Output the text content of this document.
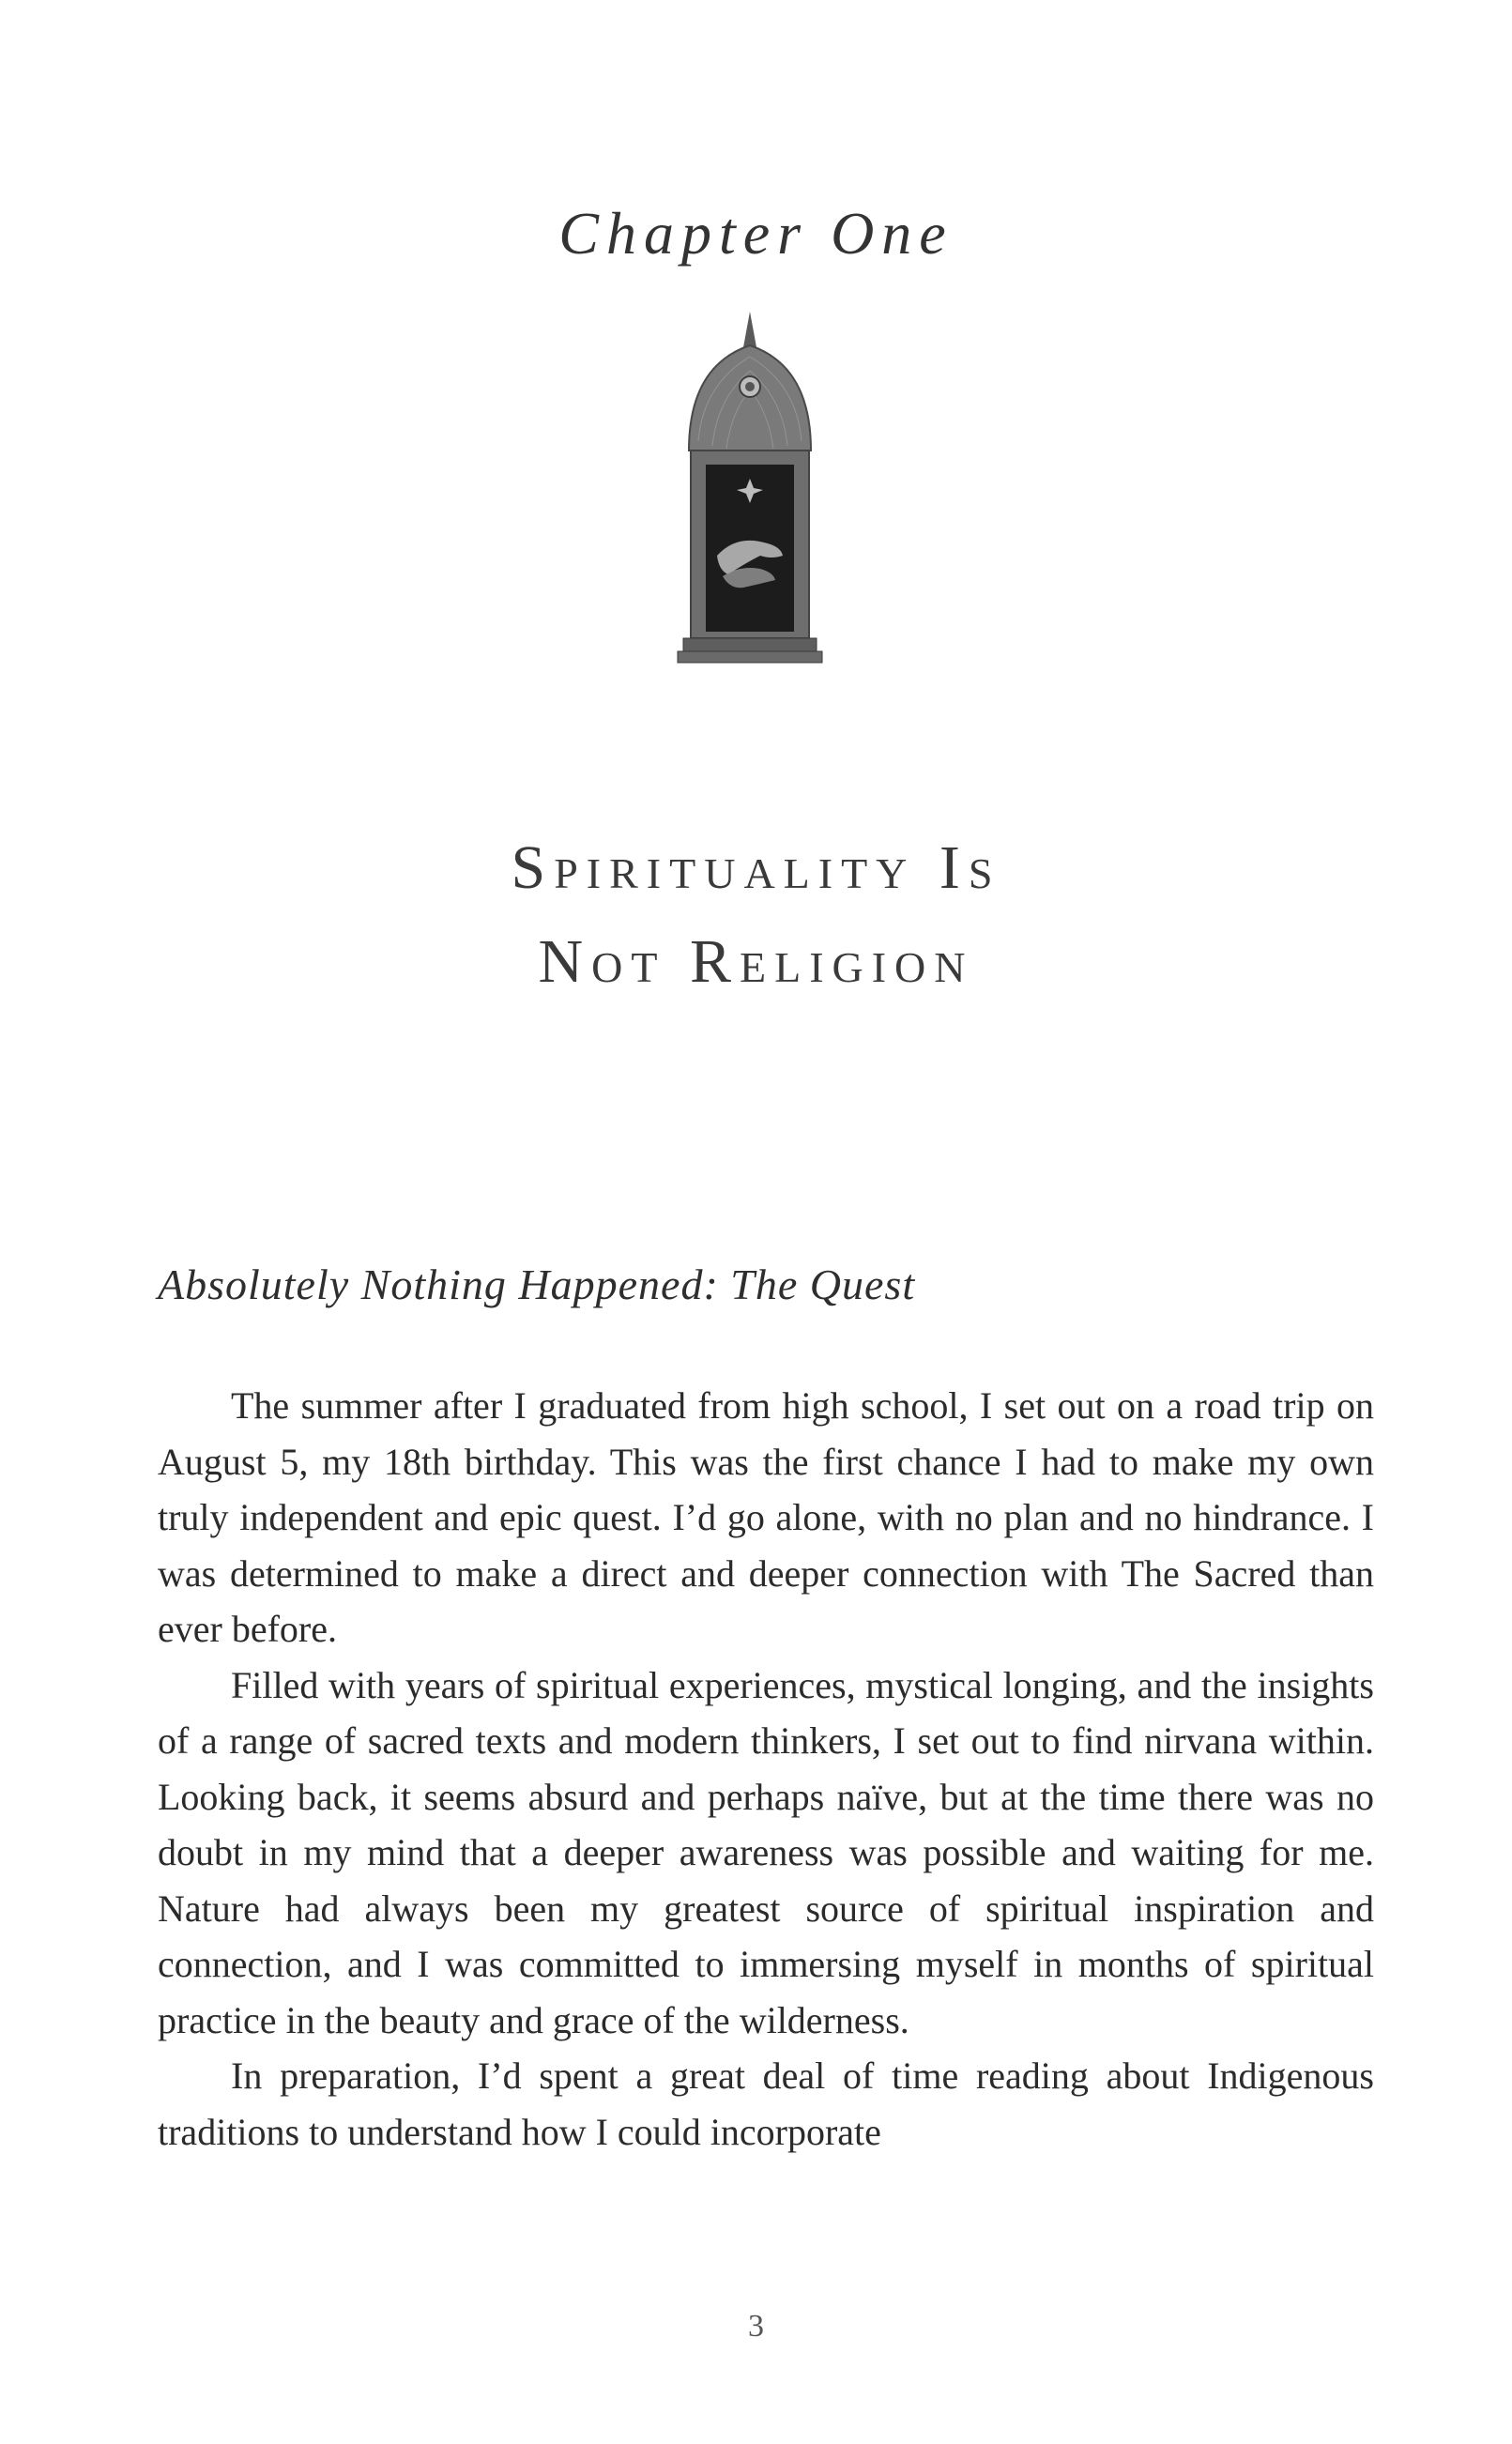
Chapter One
Spirituality Is
Not Religion
Absolutely Nothing Happened: The Quest

The summer after I graduated from high school, I set out on a road trip on August 5, my 18th birthday. This was the first chance I had to make my own truly independent and epic quest. I’d go alone, with no plan and no hindrance. I was determined to make a direct and deeper connection with The Sacred than ever before.

Filled with years of spiritual experiences, mystical longing, and the insights of a range of sacred texts and modern thinkers, I set out to find nirvana within. Looking back, it seems absurd and perhaps naïve, but at the time there was no doubt in my mind that a deeper awareness was possible and waiting for me. Nature had always been my greatest source of spiritual inspiration and connection, and I was committed to immersing myself in months of spiritual practice in the beauty and grace of the wilderness.

In preparation, I’d spent a great deal of time reading about Indigenous traditions to understand how I could incorporate

3
